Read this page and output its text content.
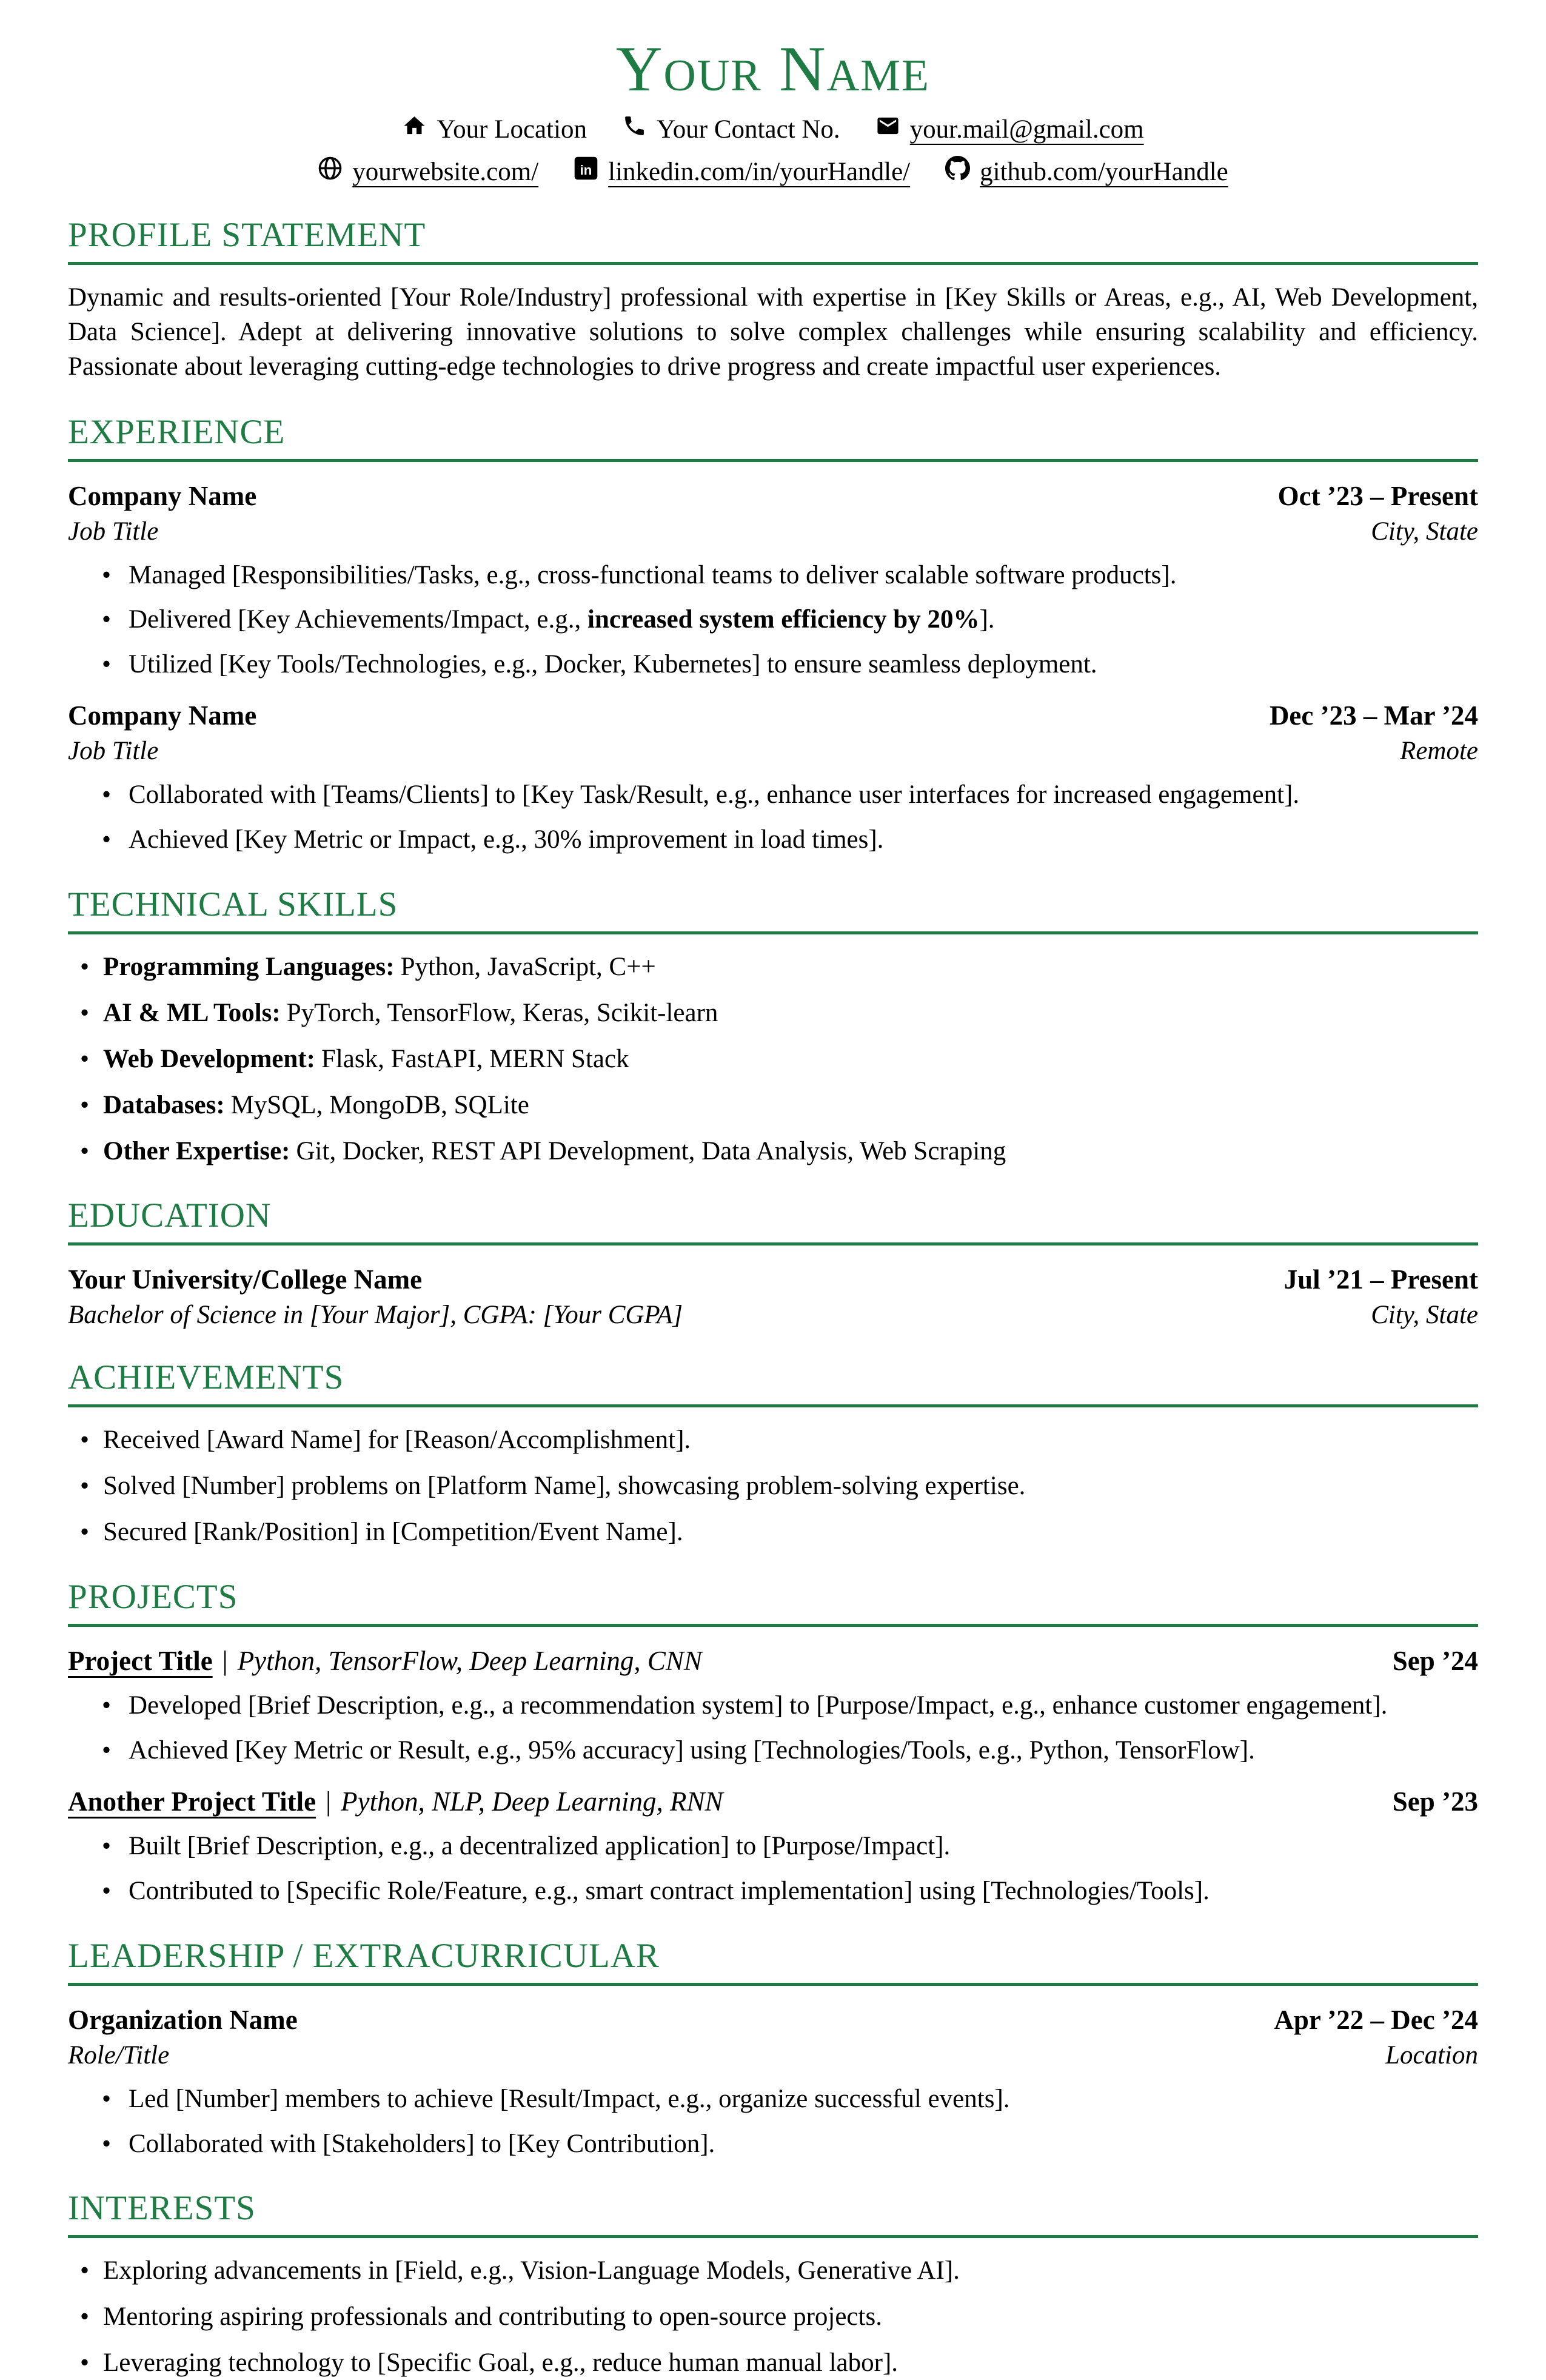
Your Name
Your Location	Your Contact No.	your.mail@gmail.com
yourwebsite.com/	in linkedin.com/in/yourHandle/	github.com/yourHandle
PROFILE STATEMENT
Dynamic and results-oriented [Your Role/Industry] professional with expertise in [Key Skills or Areas, e.g., AI, Web Development, Data Science]. Adept at delivering innovative solutions to solve complex challenges while ensuring scalability and efficiency. Passionate about leveraging cutting-edge technologies to drive progress and create impactful user experiences.
EXPERIENCE
Company Name	Oct ’23 – Present
Job Title	City, State
• Managed [Responsibilities/Tasks, e.g., cross-functional teams to deliver scalable software products].
• Delivered [Key Achievements/Impact, e.g., increased system efficiency by 20%].
• Utilized [Key Tools/Technologies, e.g., Docker, Kubernetes] to ensure seamless deployment.
Company Name	Dec ’23 – Mar ’24
Job Title	Remote
• Collaborated with [Teams/Clients] to [Key Task/Result, e.g., enhance user interfaces for increased engagement].
• Achieved [Key Metric or Impact, e.g., 30% improvement in load times].
TECHNICAL SKILLS
• Programming Languages: Python, JavaScript, C++
• AI & ML Tools: PyTorch, TensorFlow, Keras, Scikit-learn
• Web Development: Flask, FastAPI, MERN Stack
• Databases: MySQL, MongoDB, SQLite
• Other Expertise: Git, Docker, REST API Development, Data Analysis, Web Scraping
EDUCATION
Your University/College Name	Jul ’21 – Present
Bachelor of Science in [Your Major], CGPA: [Your CGPA]	City, State
ACHIEVEMENTS
• Received [Award Name] for [Reason/Accomplishment].
• Solved [Number] problems on [Platform Name], showcasing problem-solving expertise.
• Secured [Rank/Position] in [Competition/Event Name].
PROJECTS
Project Title | Python, TensorFlow, Deep Learning, CNN	Sep ’24
• Developed [Brief Description, e.g., a recommendation system] to [Purpose/Impact, e.g., enhance customer engagement].
• Achieved [Key Metric or Result, e.g., 95% accuracy] using [Technologies/Tools, e.g., Python, TensorFlow].
Another Project Title | Python, NLP, Deep Learning, RNN	Sep ’23
• Built [Brief Description, e.g., a decentralized application] to [Purpose/Impact].
• Contributed to [Specific Role/Feature, e.g., smart contract implementation] using [Technologies/Tools].
LEADERSHIP / EXTRACURRICULAR
Organization Name	Apr ’22 – Dec ’24
Role/Title	Location
• Led [Number] members to achieve [Result/Impact, e.g., organize successful events].
• Collaborated with [Stakeholders] to [Key Contribution].
INTERESTS
• Exploring advancements in [Field, e.g., Vision-Language Models, Generative AI].
• Mentoring aspiring professionals and contributing to open-source projects.
• Leveraging technology to [Specific Goal, e.g., reduce human manual labor].
